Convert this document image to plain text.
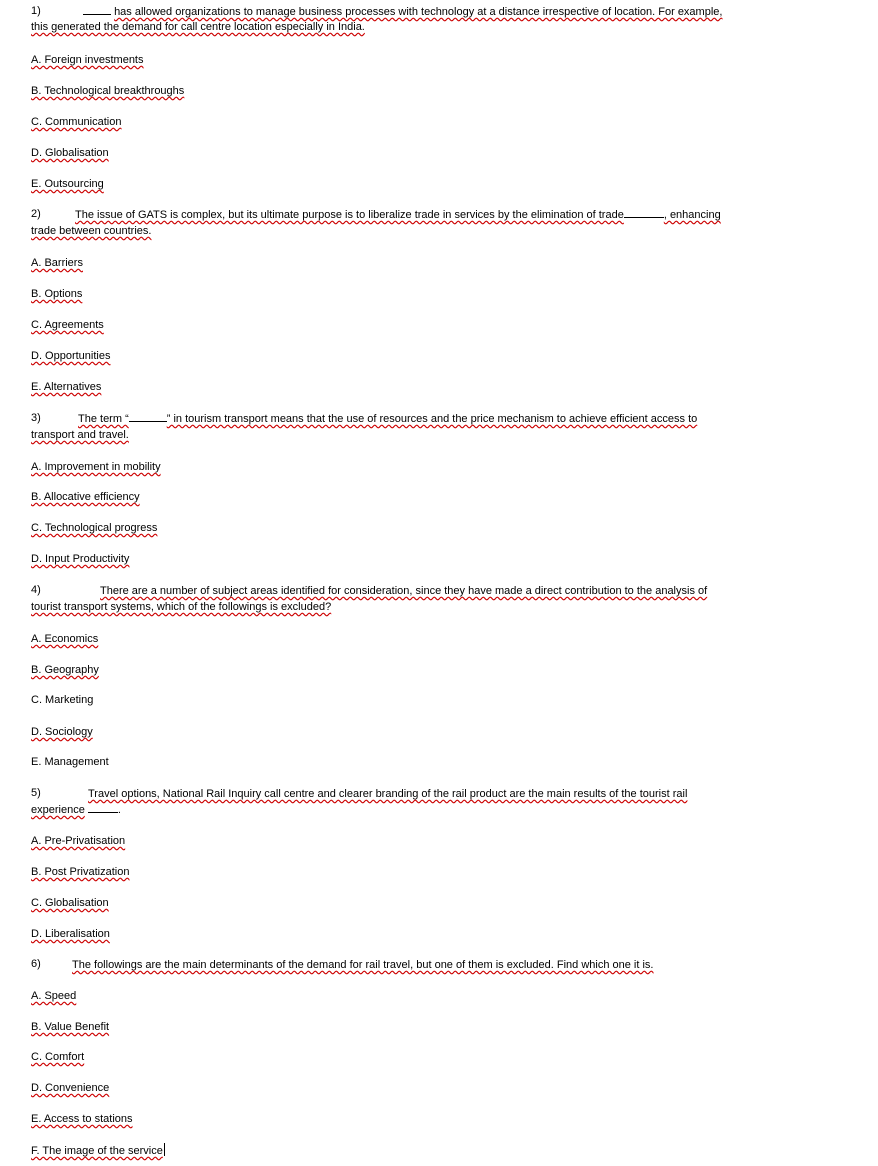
1)	has allowed organizations to manage business processes with technology at a distance irrespective of location. For example,
this generated the demand for call centre location especially in India.
A. Foreign investments
B. Technological breakthroughs
C. Communication
D. Globalisation
E. Outsourcing
2)	The issue of GATS is complex, but its ultimate purpose is to liberalize trade in services by the elimination of trade	, enhancing
trade between countries.
A. Barriers
B. Options
C. Agreements
D. Opportunities
E. Alternatives
3)	The term “	” in tourism transport means that the use of resources and the price mechanism to achieve efficient access to
transport and travel.
A. Improvement in mobility
B. Allocative efficiency
C. Technological progress
D. Input Productivity
4)	There are a number of subject areas identified for consideration, since they have made a direct contribution to the analysis of
tourist transport systems, which of the followings is excluded?
A. Economics
B. Geography
C. Marketing
D. Sociology
E. Management
5)	Travel options, National Rail Inquiry call centre and clearer branding of the rail product are the main results of the tourist rail
experience	.
A. Pre-Privatisation
B. Post Privatization
C. Globalisation
D. Liberalisation
6)	The followings are the main determinants of the demand for rail travel, but one of them is excluded. Find which one it is.
A. Speed
B. Value Benefit
C. Comfort
D. Convenience
E. Access to stations
F. The image of the service
